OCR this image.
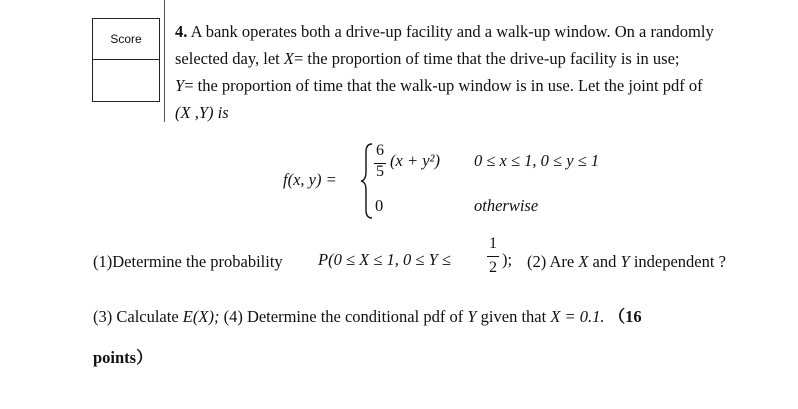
Score	4. A bank operates both a drive-up facility and a walk-up window. On a randomly
selected day, let X= the proportion of time that the drive-up facility is in use;
Y= the proportion of time that the walk-up window is in use. Let the joint pdf of
(X ,Y) is
f(x, y) =
6
5
(x + y²) 0 ≤ x ≤ 1, 0 ≤ y ≤ 1
0	otherwise
(1)Determine the probability P(0 ≤ X ≤ 1, 0 ≤ Y ≤
1
2 ); (2) Are X and Y independent ?
(3) Calculate E(X); (4) Determine the conditional pdf of Y given that X = 0.1. （16
points）
